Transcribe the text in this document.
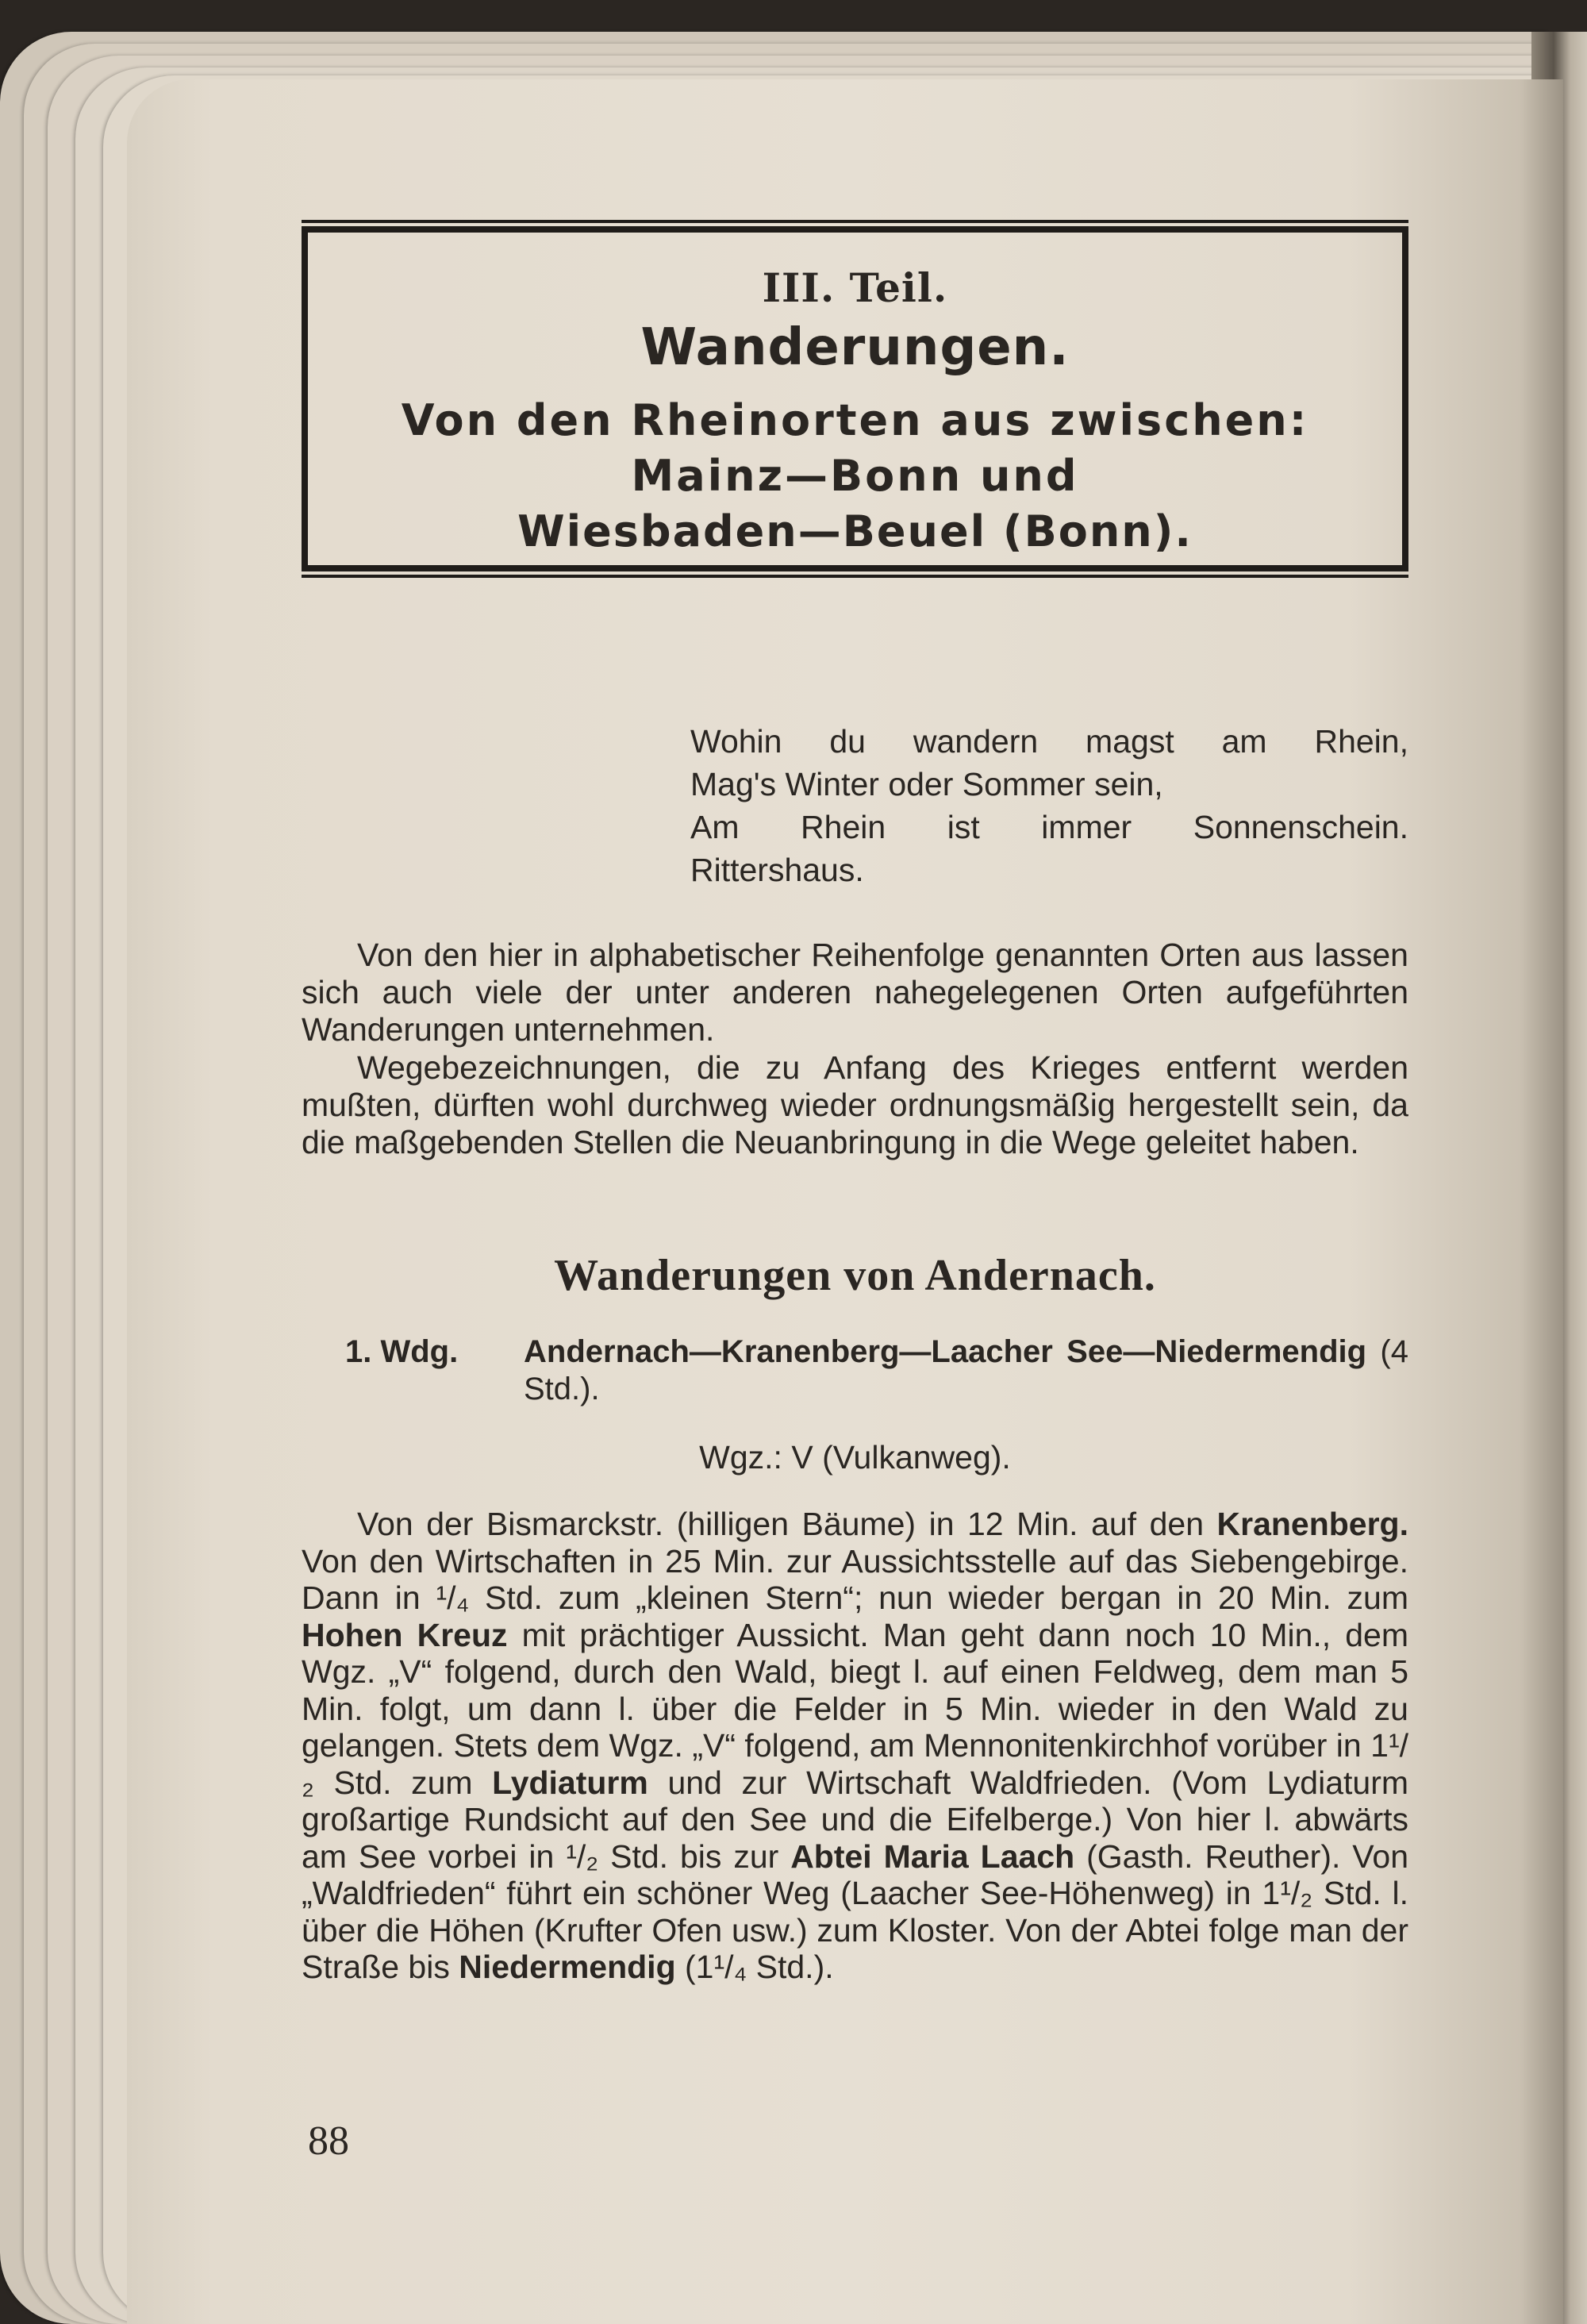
III. Teil.
Wanderungen.
Von den Rheinorten aus zwischen:
Mainz—Bonn und
Wiesbaden—Beuel (Bonn).
Wohin du wandern magst am Rhein,
Mag's Winter oder Sommer sein,
Am Rhein ist immer Sonnenschein.
Rittershaus.
Von den hier in alphabetischer Reihenfolge genannten Orten aus lassen sich auch viele der unter anderen nahegelegenen Orten aufgeführten Wanderungen unternehmen.
Wegebezeichnungen, die zu Anfang des Krieges entfernt werden mußten, dürften wohl durchweg wieder ordnungsmäßig hergestellt sein, da die maßgebenden Stellen die Neuanbringung in die Wege geleitet haben.
Wanderungen von Andernach.
1. Wdg. Andernach—Kranenberg—Laacher See—Niedermendig (4 Std.).
Wgz.: V (Vulkanweg).
Von der Bismarckstr. (hilligen Bäume) in 12 Min. auf den Kranenberg. Von den Wirtschaften in 25 Min. zur Aussichtsstelle auf das Siebengebirge. Dann in ¹/₄ Std. zum „kleinen Stern“; nun wieder bergan in 20 Min. zum Hohen Kreuz mit prächtiger Aussicht. Man geht dann noch 10 Min., dem Wgz. „V“ folgend, durch den Wald, biegt l. auf einen Feldweg, dem man 5 Min. folgt, um dann l. über die Felder in 5 Min. wieder in den Wald zu gelangen. Stets dem Wgz. „V“ folgend, am Mennonitenkirchhof vorüber in 1¹/₂ Std. zum Lydiaturm und zur Wirtschaft Waldfrieden. (Vom Lydiaturm großartige Rundsicht auf den See und die Eifelberge.) Von hier l. abwärts am See vorbei in ¹/₂ Std. bis zur Abtei Maria Laach (Gasth. Reuther). Von „Waldfrieden“ führt ein schöner Weg (Laacher See-Höhenweg) in 1¹/₂ Std. l. über die Höhen (Krufter Ofen usw.) zum Kloster. Von der Abtei folge man der Straße bis Niedermendig (1¹/₄ Std.).
88
